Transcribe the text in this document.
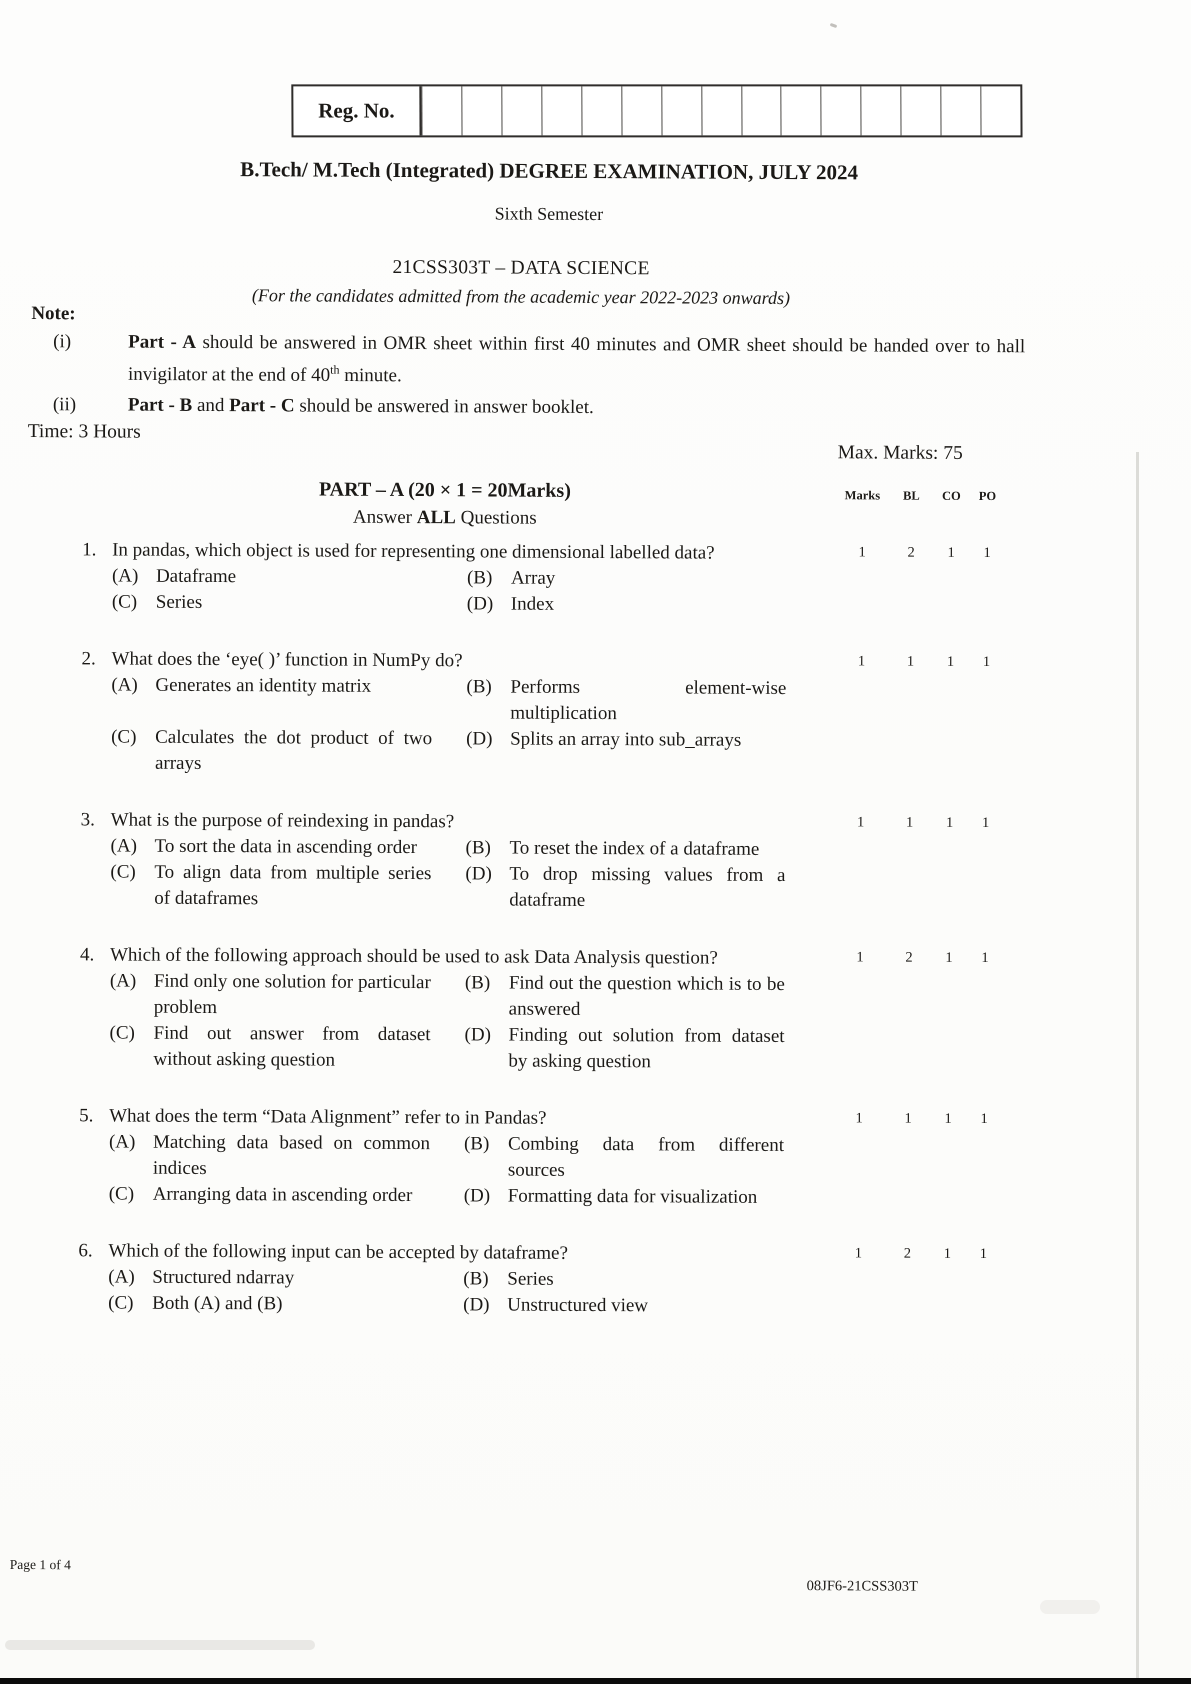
Reg. No.
B.Tech/ M.Tech (Integrated) DEGREE EXAMINATION, JULY 2024
Sixth Semester
21CSS303T – DATA SCIENCE
(For the candidates admitted from the academic year 2022-2023 onwards)
Note:
(i)	Part - A should be answered in OMR sheet within first 40 minutes and OMR sheet should be handed over to hall invigilator at the end of 40th minute.
(ii)	Part - B and Part - C should be answered in answer booklet.
Time: 3 Hours
Max. Marks: 75
PART – A (20 × 1 = 20Marks)	Marks	BL	CO	PO
Answer ALL Questions
1. In pandas, which object is used for representing one dimensional labelled data?
(A) Dataframe	(B) Array
(C) Series	(D) Index
1	2	1	1
2. What does the ‘eye( )’ function in NumPy do?
(A) Generates an identity matrix	(B) Performs element-wise multiplication
(C) Calculates the dot product of two arrays
(D) Splits an array into sub_arrays
1	1	1	1
3. What is the purpose of reindexing in pandas?
(A) To sort the data in ascending order	(B) To reset the index of a dataframe
(C) To align data from multiple series of dataframes
(D) To drop missing values from a dataframe
1	1	1	1
4. Which of the following approach should be used to ask Data Analysis question?
(A) Find only one solution for particular problem
(B) Find out the question which is to be answered
(C) Find out answer from dataset without asking question
(D) Finding out solution from dataset by asking question
1	2	1	1
5. What does the term “Data Alignment” refer to in Pandas?
(A) Matching data based on common indices
(B) Combing data from different sources
(C) Arranging data in ascending order	(D) Formatting data for visualization
1	1	1	1
6. Which of the following input can be accepted by dataframe?
(A) Structured ndarray	(B) Series
(C) Both (A) and (B)	(D) Unstructured view
1	2	1	1
Page 1 of 4
08JF6-21CSS303T
